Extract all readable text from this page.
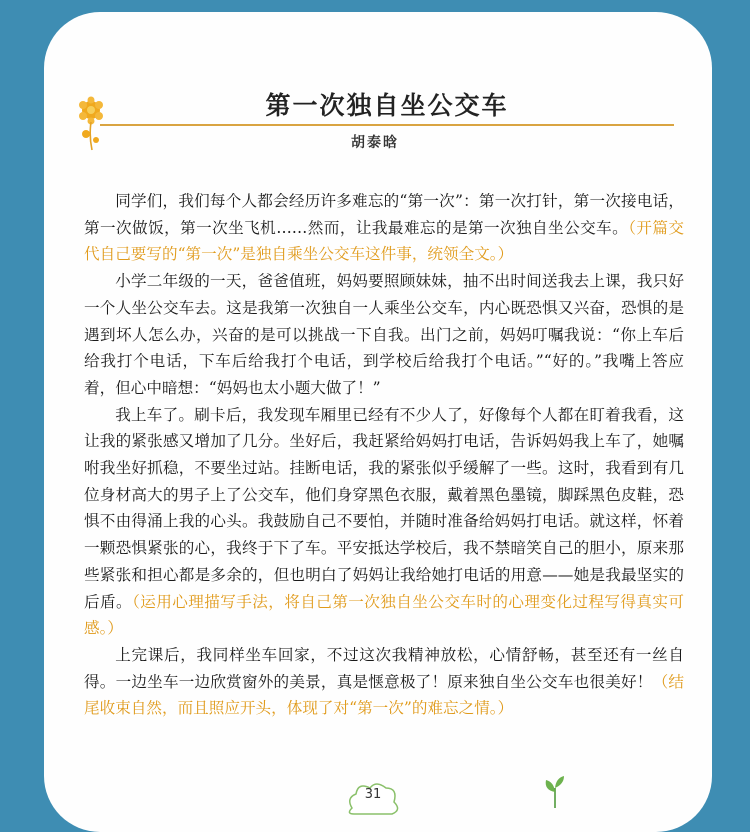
第一次独自坐公交车
胡泰晗

同学们，我们每个人都会经历许多难忘的“第一次”：第一次打针，第一次接电话，第一次做饭，第一次坐飞机……然而，让我最难忘的是第一次独自坐公交车。（开篇交代自己要写的“第一次”是独自乘坐公交车这件事，统领全文。）

小学二年级的一天，爸爸值班，妈妈要照顾妹妹，抽不出时间送我去上课，我只好一个人坐公交车去。这是我第一次独自一人乘坐公交车，内心既恐惧又兴奋，恐惧的是遇到坏人怎么办，兴奋的是可以挑战一下自我。出门之前，妈妈叮嘱我说：“你上车后给我打个电话，下车后给我打个电话，到学校后给我打个电话。”“好的。”我嘴上答应着，但心中暗想：“妈妈也太小题大做了！”

我上车了。刷卡后，我发现车厢里已经有不少人了，好像每个人都在盯着我看，这让我的紧张感又增加了几分。坐好后，我赶紧给妈妈打电话，告诉妈妈我上车了，她嘱咐我坐好抓稳，不要坐过站。挂断电话，我的紧张似乎缓解了一些。这时，我看到有几位身材高大的男子上了公交车，他们身穿黑色衣服，戴着黑色墨镜，脚踩黑色皮鞋，恐惧不由得涌上我的心头。我鼓励自己不要怕，并随时准备给妈妈打电话。就这样，怀着一颗恐惧紧张的心，我终于下了车。平安抵达学校后，我不禁暗笑自己的胆小，原来那些紧张和担心都是多余的，但也明白了妈妈让我给她打电话的用意——她是我最坚实的后盾。（运用心理描写手法，将自己第一次独自坐公交车时的心理变化过程写得真实可感。）

上完课后，我同样坐车回家，不过这次我精神放松，心情舒畅，甚至还有一丝自得。一边坐车一边欣赏窗外的美景，真是惬意极了！原来独自坐公交车也很美好！（结尾收束自然，而且照应开头，体现了对“第一次”的难忘之情。）

31
